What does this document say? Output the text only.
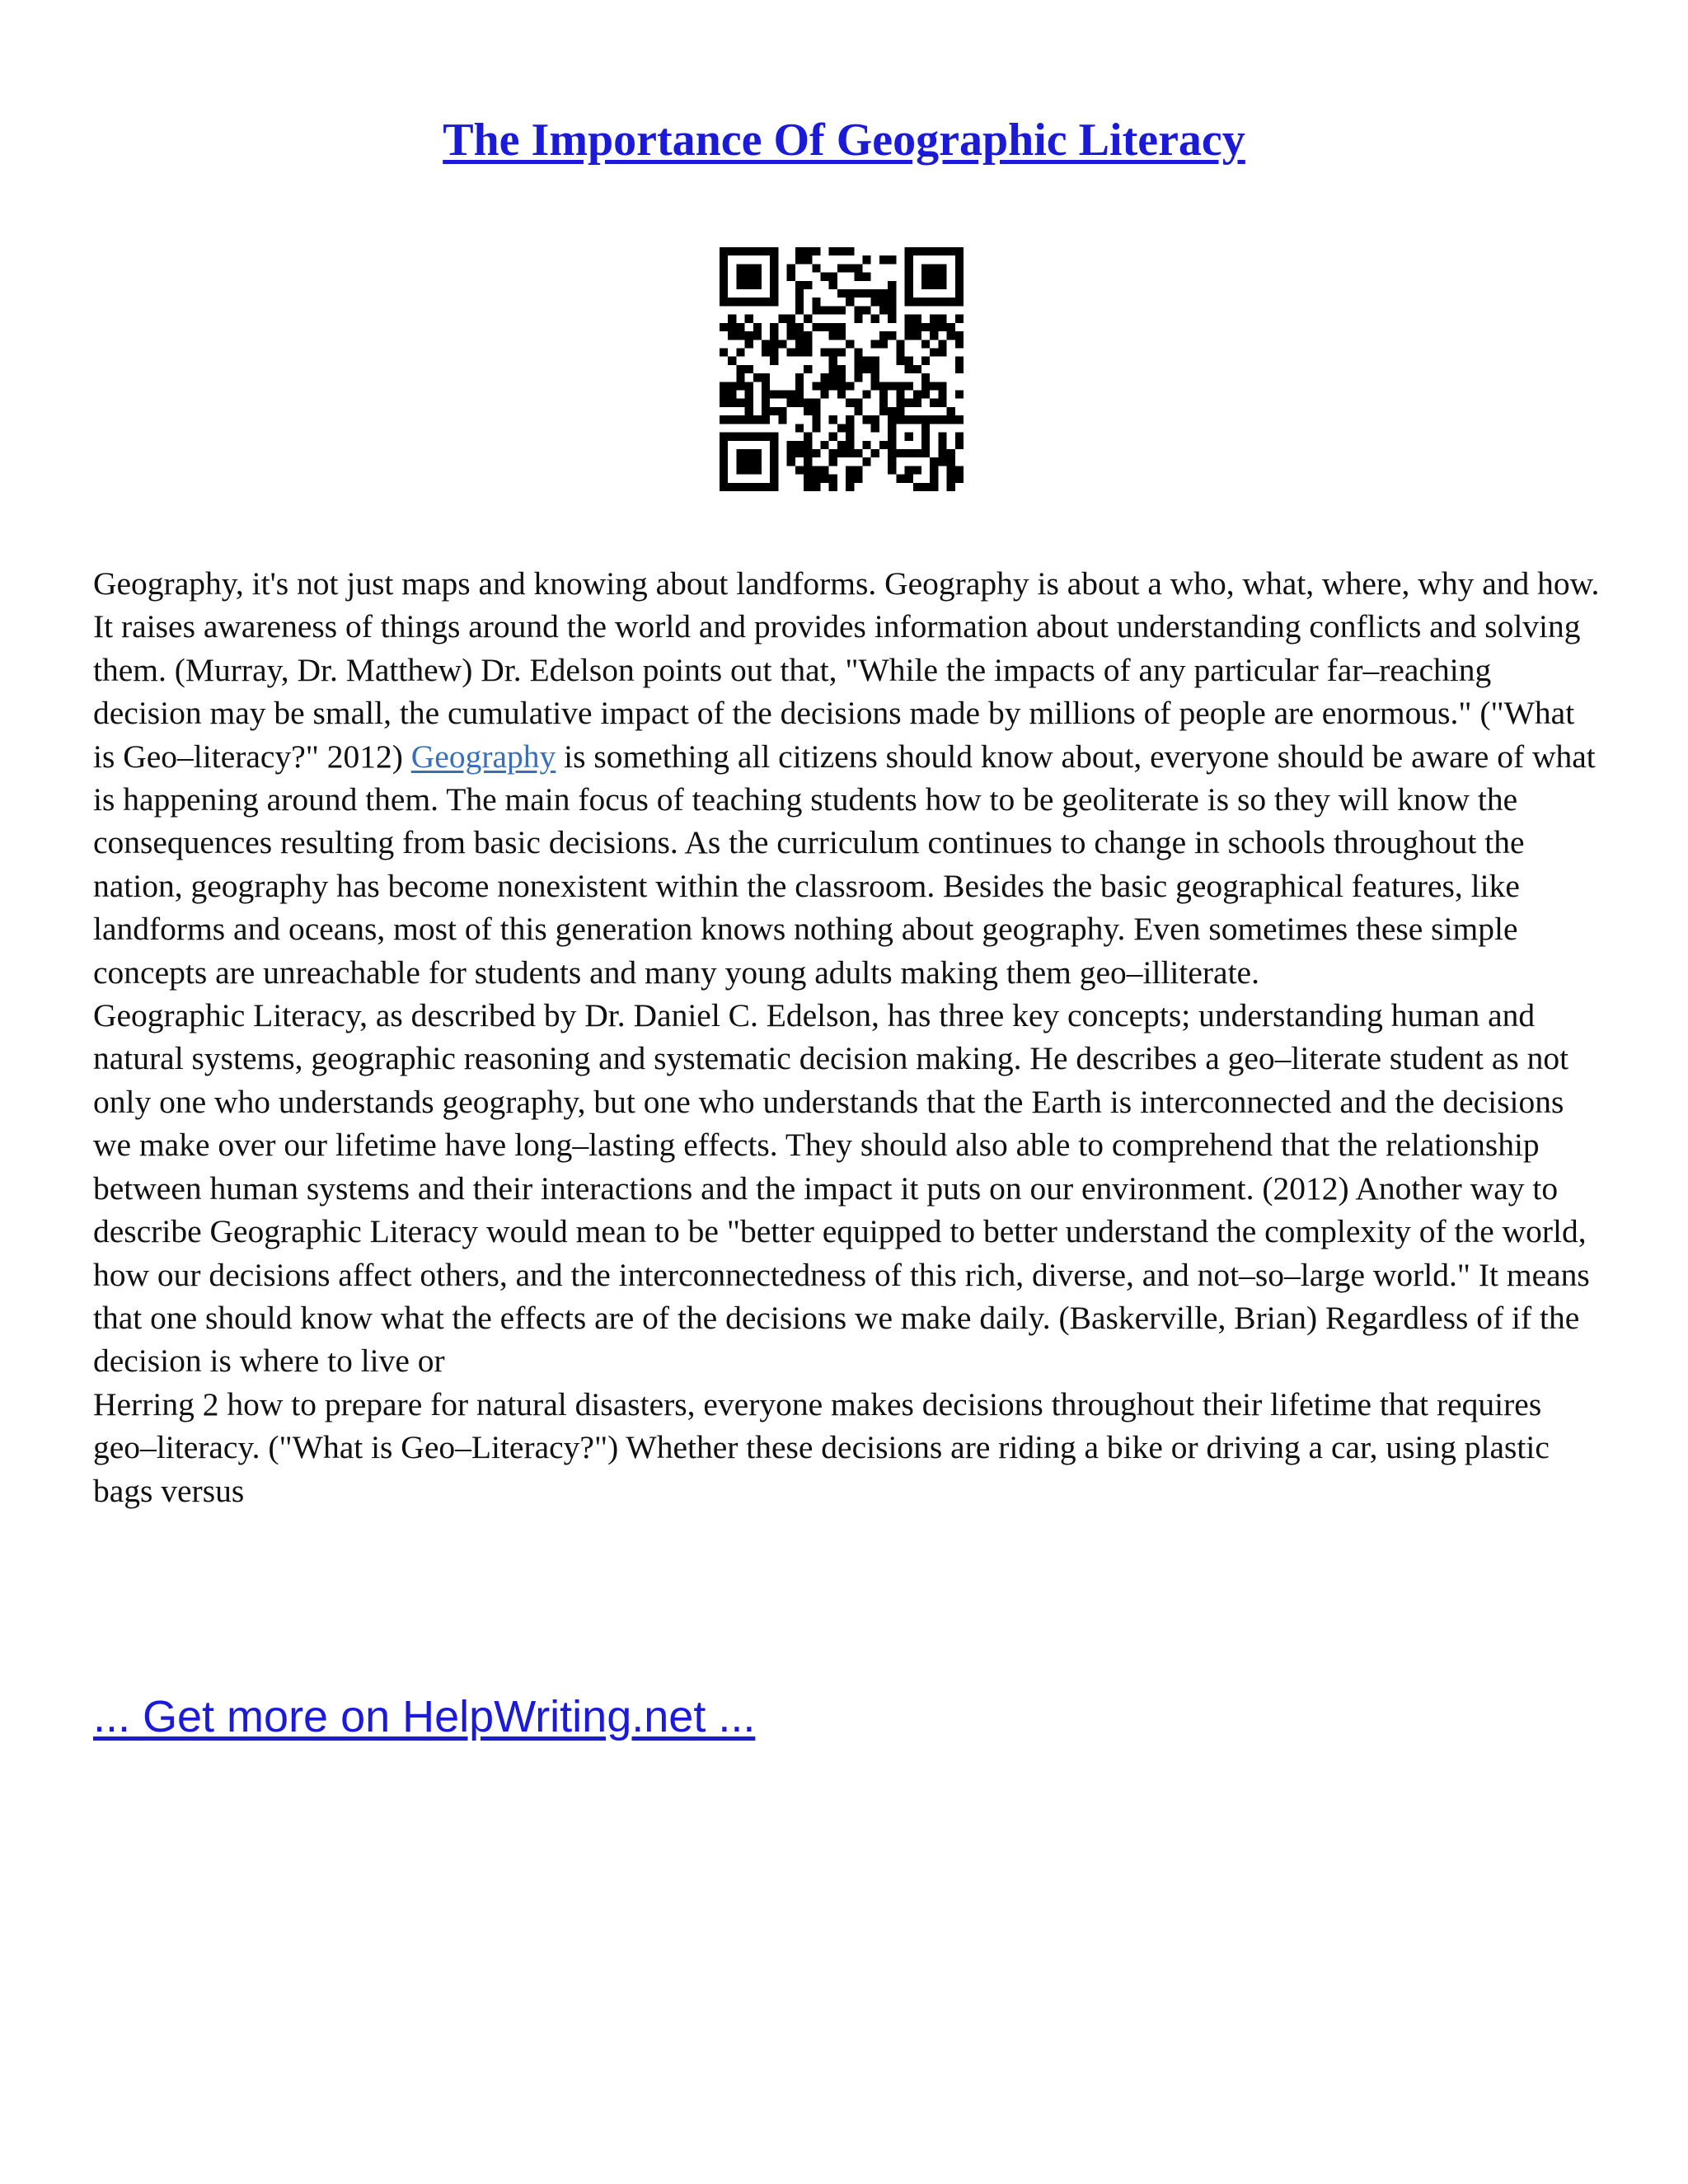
The Importance Of Geographic Literacy

Geography, it's not just maps and knowing about landforms. Geography is about a who, what, where, why and how. It raises awareness of things around the world and provides information about understanding conflicts and solving them. (Murray, Dr. Matthew) Dr. Edelson points out that, "While the impacts of any particular far–reaching decision may be small, the cumulative impact of the decisions made by millions of people are enormous." ("What is Geo–literacy?" 2012) Geography is something all citizens should know about, everyone should be aware of what is happening around them. The main focus of teaching students how to be geoliterate is so they will know the consequences resulting from basic decisions. As the curriculum continues to change in schools throughout the nation, geography has become nonexistent within the classroom. Besides the basic geographical features, like landforms and oceans, most of this generation knows nothing about geography. Even sometimes these simple concepts are unreachable for students and many young adults making them geo–illiterate.

Geographic Literacy, as described by Dr. Daniel C. Edelson, has three key concepts; understanding human and natural systems, geographic reasoning and systematic decision making. He describes a geo–literate student as not only one who understands geography, but one who understands that the Earth is interconnected and the decisions we make over our lifetime have long–lasting effects. They should also able to comprehend that the relationship between human systems and their interactions and the impact it puts on our environment. (2012) Another way to describe Geographic Literacy would mean to be "better equipped to better understand the complexity of the world, how our decisions affect others, and the interconnectedness of this rich, diverse, and not–so–large world." It means that one should know what the effects are of the decisions we make daily. (Baskerville, Brian) Regardless of if the decision is where to live or

Herring 2 how to prepare for natural disasters, everyone makes decisions throughout their lifetime that requires geo–literacy. ("What is Geo–Literacy?") Whether these decisions are riding a bike or driving a car, using plastic bags versus

... Get more on HelpWriting.net ...
